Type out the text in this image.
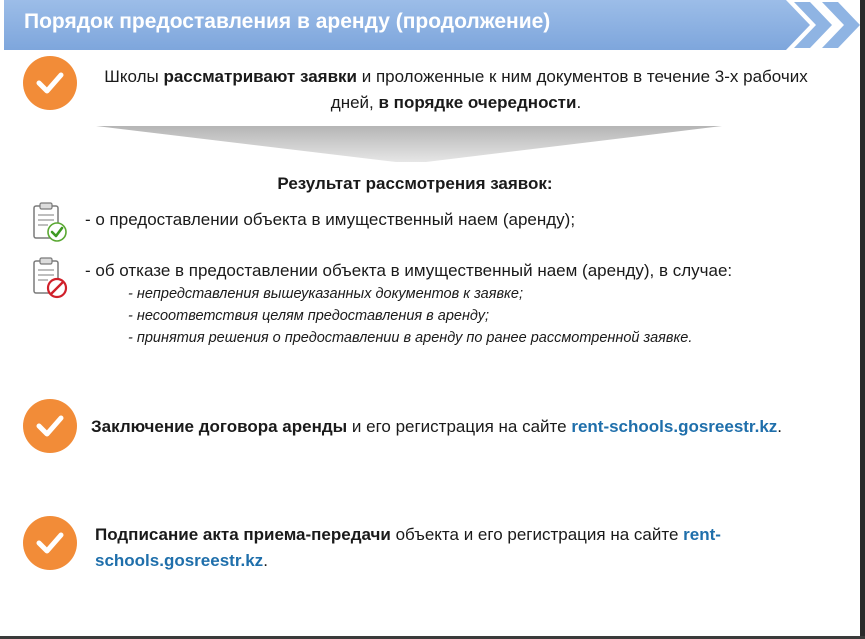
Порядок предоставления в аренду (продолжение)
Школы рассматривают заявки и проложенные к ним документов в течение 3-х рабочих
дней, в порядке очередности.
Результат рассмотрения заявок:
- о предоставлении объекта в имущественный наем (аренду);
- об отказе в предоставлении объекта в имущественный наем (аренду), в случае:
- непредставления вышеуказанных документов к заявке;
- несоответствия целям предоставления в аренду;
- принятия решения о предоставлении в аренду по ранее рассмотренной заявке.
Заключение договора аренды и его регистрация на сайте rent-schools.gosreestr.kz.
Подписание акта приема-передачи объекта и его регистрация на сайте rent-
schools.gosreestr.kz.
